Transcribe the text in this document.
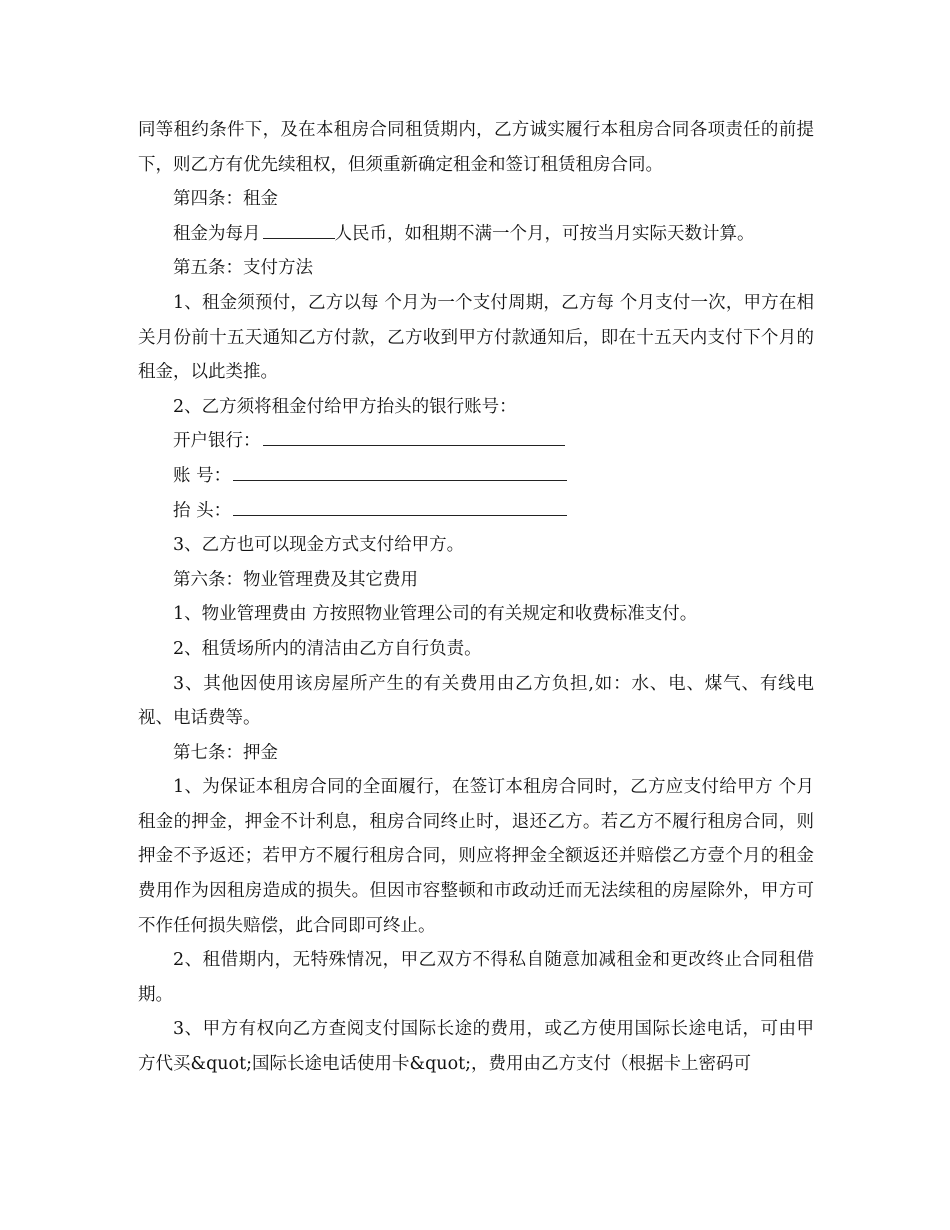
同等租约条件下，及在本租房合同租赁期内，乙方诚实履行本租房合同各项责任的前提下，则乙方有优先续租权，但须重新确定租金和签订租赁租房合同。

第四条：租金

租金为每月	人民币，如租期不满一个月，可按当月实际天数计算。

第五条：支付方法

1、租金须预付，乙方以每 个月为一个支付周期，乙方每 个月支付一次，甲方在相关月份前十五天通知乙方付款，乙方收到甲方付款通知后，即在十五天内支付下个月的租金，以此类推。

2、乙方须将租金付给甲方抬头的银行账号：

开户银行：
账 号：
抬 头：

3、乙方也可以现金方式支付给甲方。

第六条：物业管理费及其它费用

1、物业管理费由 方按照物业管理公司的有关规定和收费标准支付。

2、租赁场所内的清洁由乙方自行负责。

3、其他因使用该房屋所产生的有关费用由乙方负担,如：水、电、煤气、有线电视、电话费等。

第七条：押金

1、为保证本租房合同的全面履行，在签订本租房合同时，乙方应支付给甲方 个月租金的押金，押金不计利息，租房合同终止时，退还乙方。若乙方不履行租房合同，则押金不予返还；若甲方不履行租房合同，则应将押金全额返还并赔偿乙方壹个月的租金费用作为因租房造成的损失。但因市容整顿和市政动迁而无法续租的房屋除外，甲方可不作任何损失赔偿，此合同即可终止。

2、租借期内，无特殊情况，甲乙双方不得私自随意加减租金和更改终止合同租借期。

3、甲方有权向乙方查阅支付国际长途的费用，或乙方使用国际长途电话，可由甲方代买&quot;国际长途电话使用卡&quot;，费用由乙方支付（根据卡上密码可
